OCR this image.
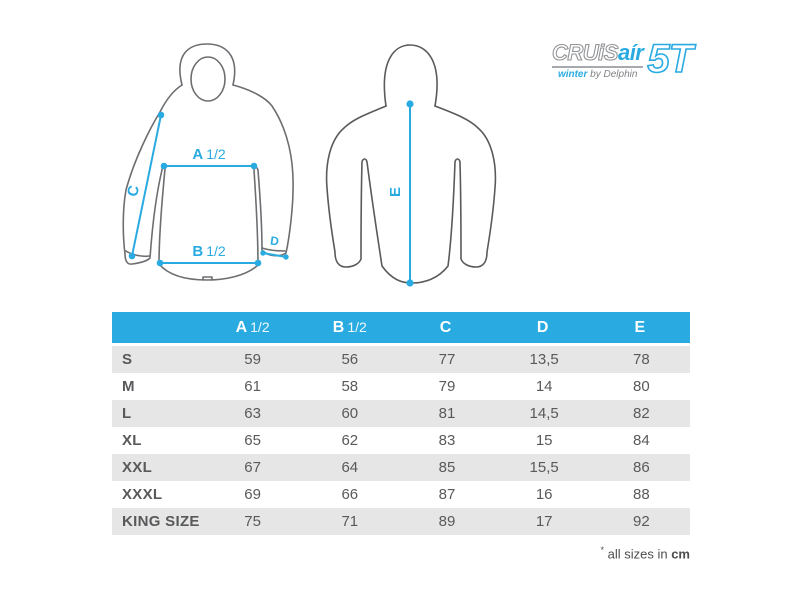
A 1/2
B 1/2
C
D
E
CRUiSaír
winter by Delphin 5T
	A 1/2	B 1/2	C	D	E
S	59	56	77	13,5	78
M	61	58	79	14	80
L	63	60	81	14,5	82
XL	65	62	83	15	84
XXL	67	64	85	15,5	86
XXXL	69	66	87	16	88
KING SIZE	75	71	89	17	92
* all sizes in cm
